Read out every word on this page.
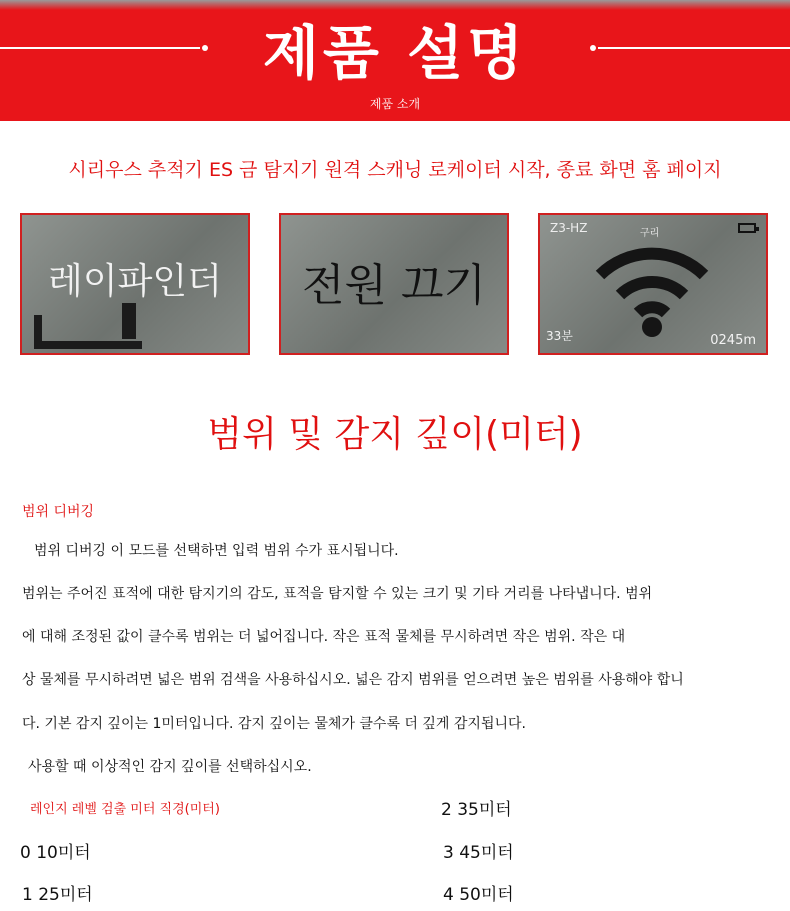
제품 설명
제품 소개
시리우스 추적기 ES 금 탐지기 원격 스캐닝 로케이터 시작, 종료 화면 홈 페이지
레이파인더	전원 끄기
Z3-HZ	구리
33분	0245m
범위 및 감지 깊이(미터)
범위 디버깅
범위 디버깅 이 모드를 선택하면 입력 범위 수가 표시됩니다.
범위는 주어진 표적에 대한 탐지기의 감도, 표적을 탐지할 수 있는 크기 및 기타 거리를 나타냅니다. 범위
에 대해 조정된 값이 클수록 범위는 더 넓어집니다. 작은 표적 물체를 무시하려면 작은 범위. 작은 대
상 물체를 무시하려면 넓은 범위 검색을 사용하십시오. 넓은 감지 범위를 얻으려면 높은 범위를 사용해야 합니
다. 기본 감지 깊이는 1미터입니다. 감지 깊이는 물체가 클수록 더 깊게 감지됩니다.
사용할 때 이상적인 감지 깊이를 선택하십시오.
레인지 레벨 검출 미터 직경(미터)
0 10미터
1 25미터
2 35미터
3 45미터
4 50미터
